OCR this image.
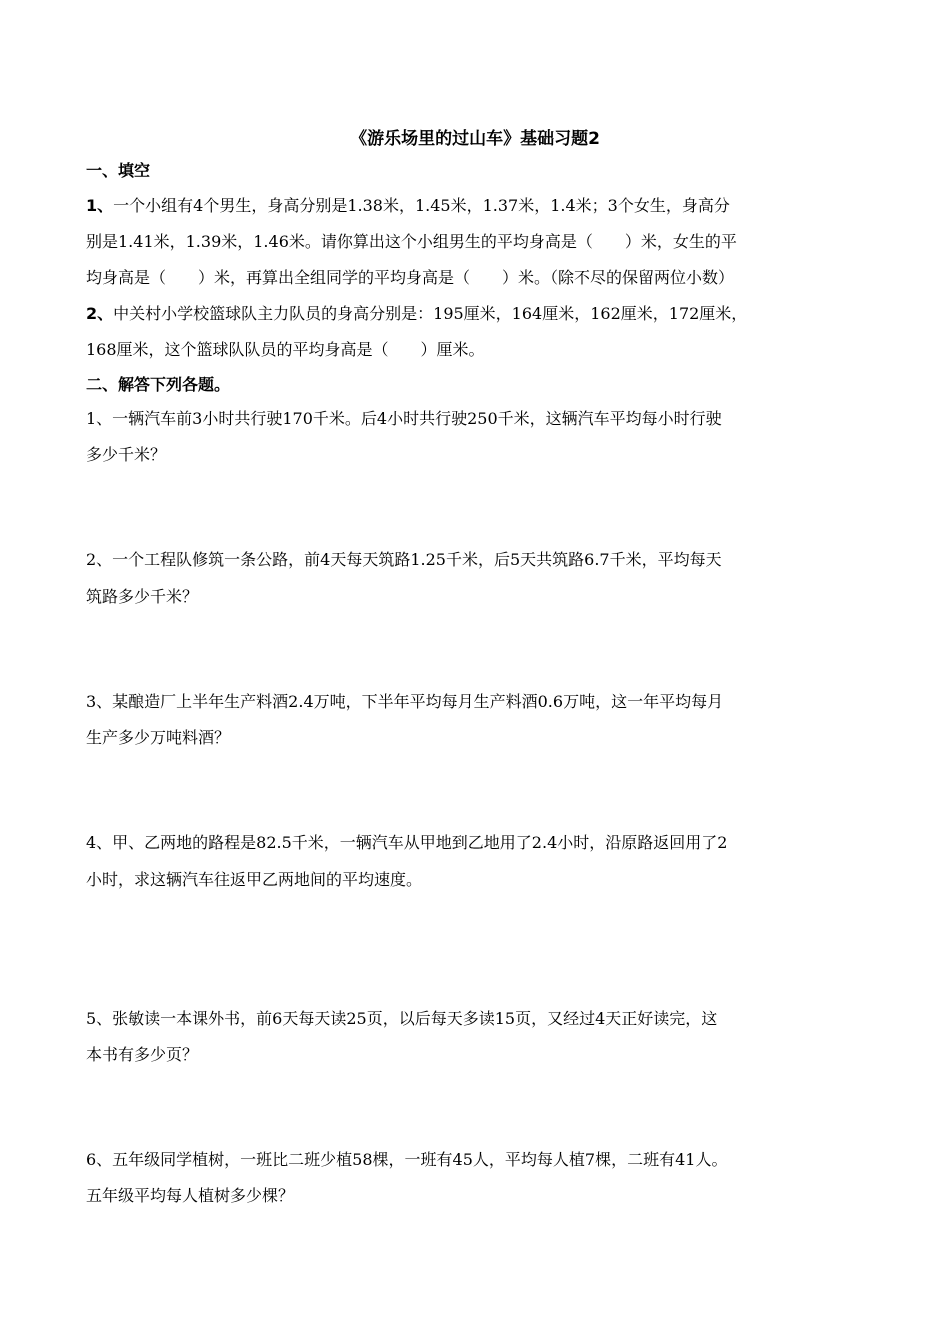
《游乐场里的过山车》基础习题2
一、填空
1、一个小组有4个男生，身高分别是1.38米，1.45米，1.37米，1.4米；3个女生，身高分
别是1.41米，1.39米，1.46米。请你算出这个小组男生的平均身高是（　　）米，女生的平
均身高是（　　）米，再算出全组同学的平均身高是（　　）米。（除不尽的保留两位小数）
2、中关村小学校篮球队主力队员的身高分别是：195厘米，164厘米，162厘米，172厘米，
168厘米，这个篮球队队员的平均身高是（　　）厘米。
二、解答下列各题。
1、一辆汽车前3小时共行驶170千米。后4小时共行驶250千米，这辆汽车平均每小时行驶
多少千米？
2、一个工程队修筑一条公路，前4天每天筑路1.25千米，后5天共筑路6.7千米，平均每天
筑路多少千米？
3、某酿造厂上半年生产料酒2.4万吨，下半年平均每月生产料酒0.6万吨，这一年平均每月
生产多少万吨料酒？
4、甲、乙两地的路程是82.5千米，一辆汽车从甲地到乙地用了2.4小时，沿原路返回用了2
小时，求这辆汽车往返甲乙两地间的平均速度。
5、张敏读一本课外书，前6天每天读25页，以后每天多读15页，又经过4天正好读完，这
本书有多少页？
6、五年级同学植树，一班比二班少植58棵，一班有45人，平均每人植7棵，二班有41人。
五年级平均每人植树多少棵？
